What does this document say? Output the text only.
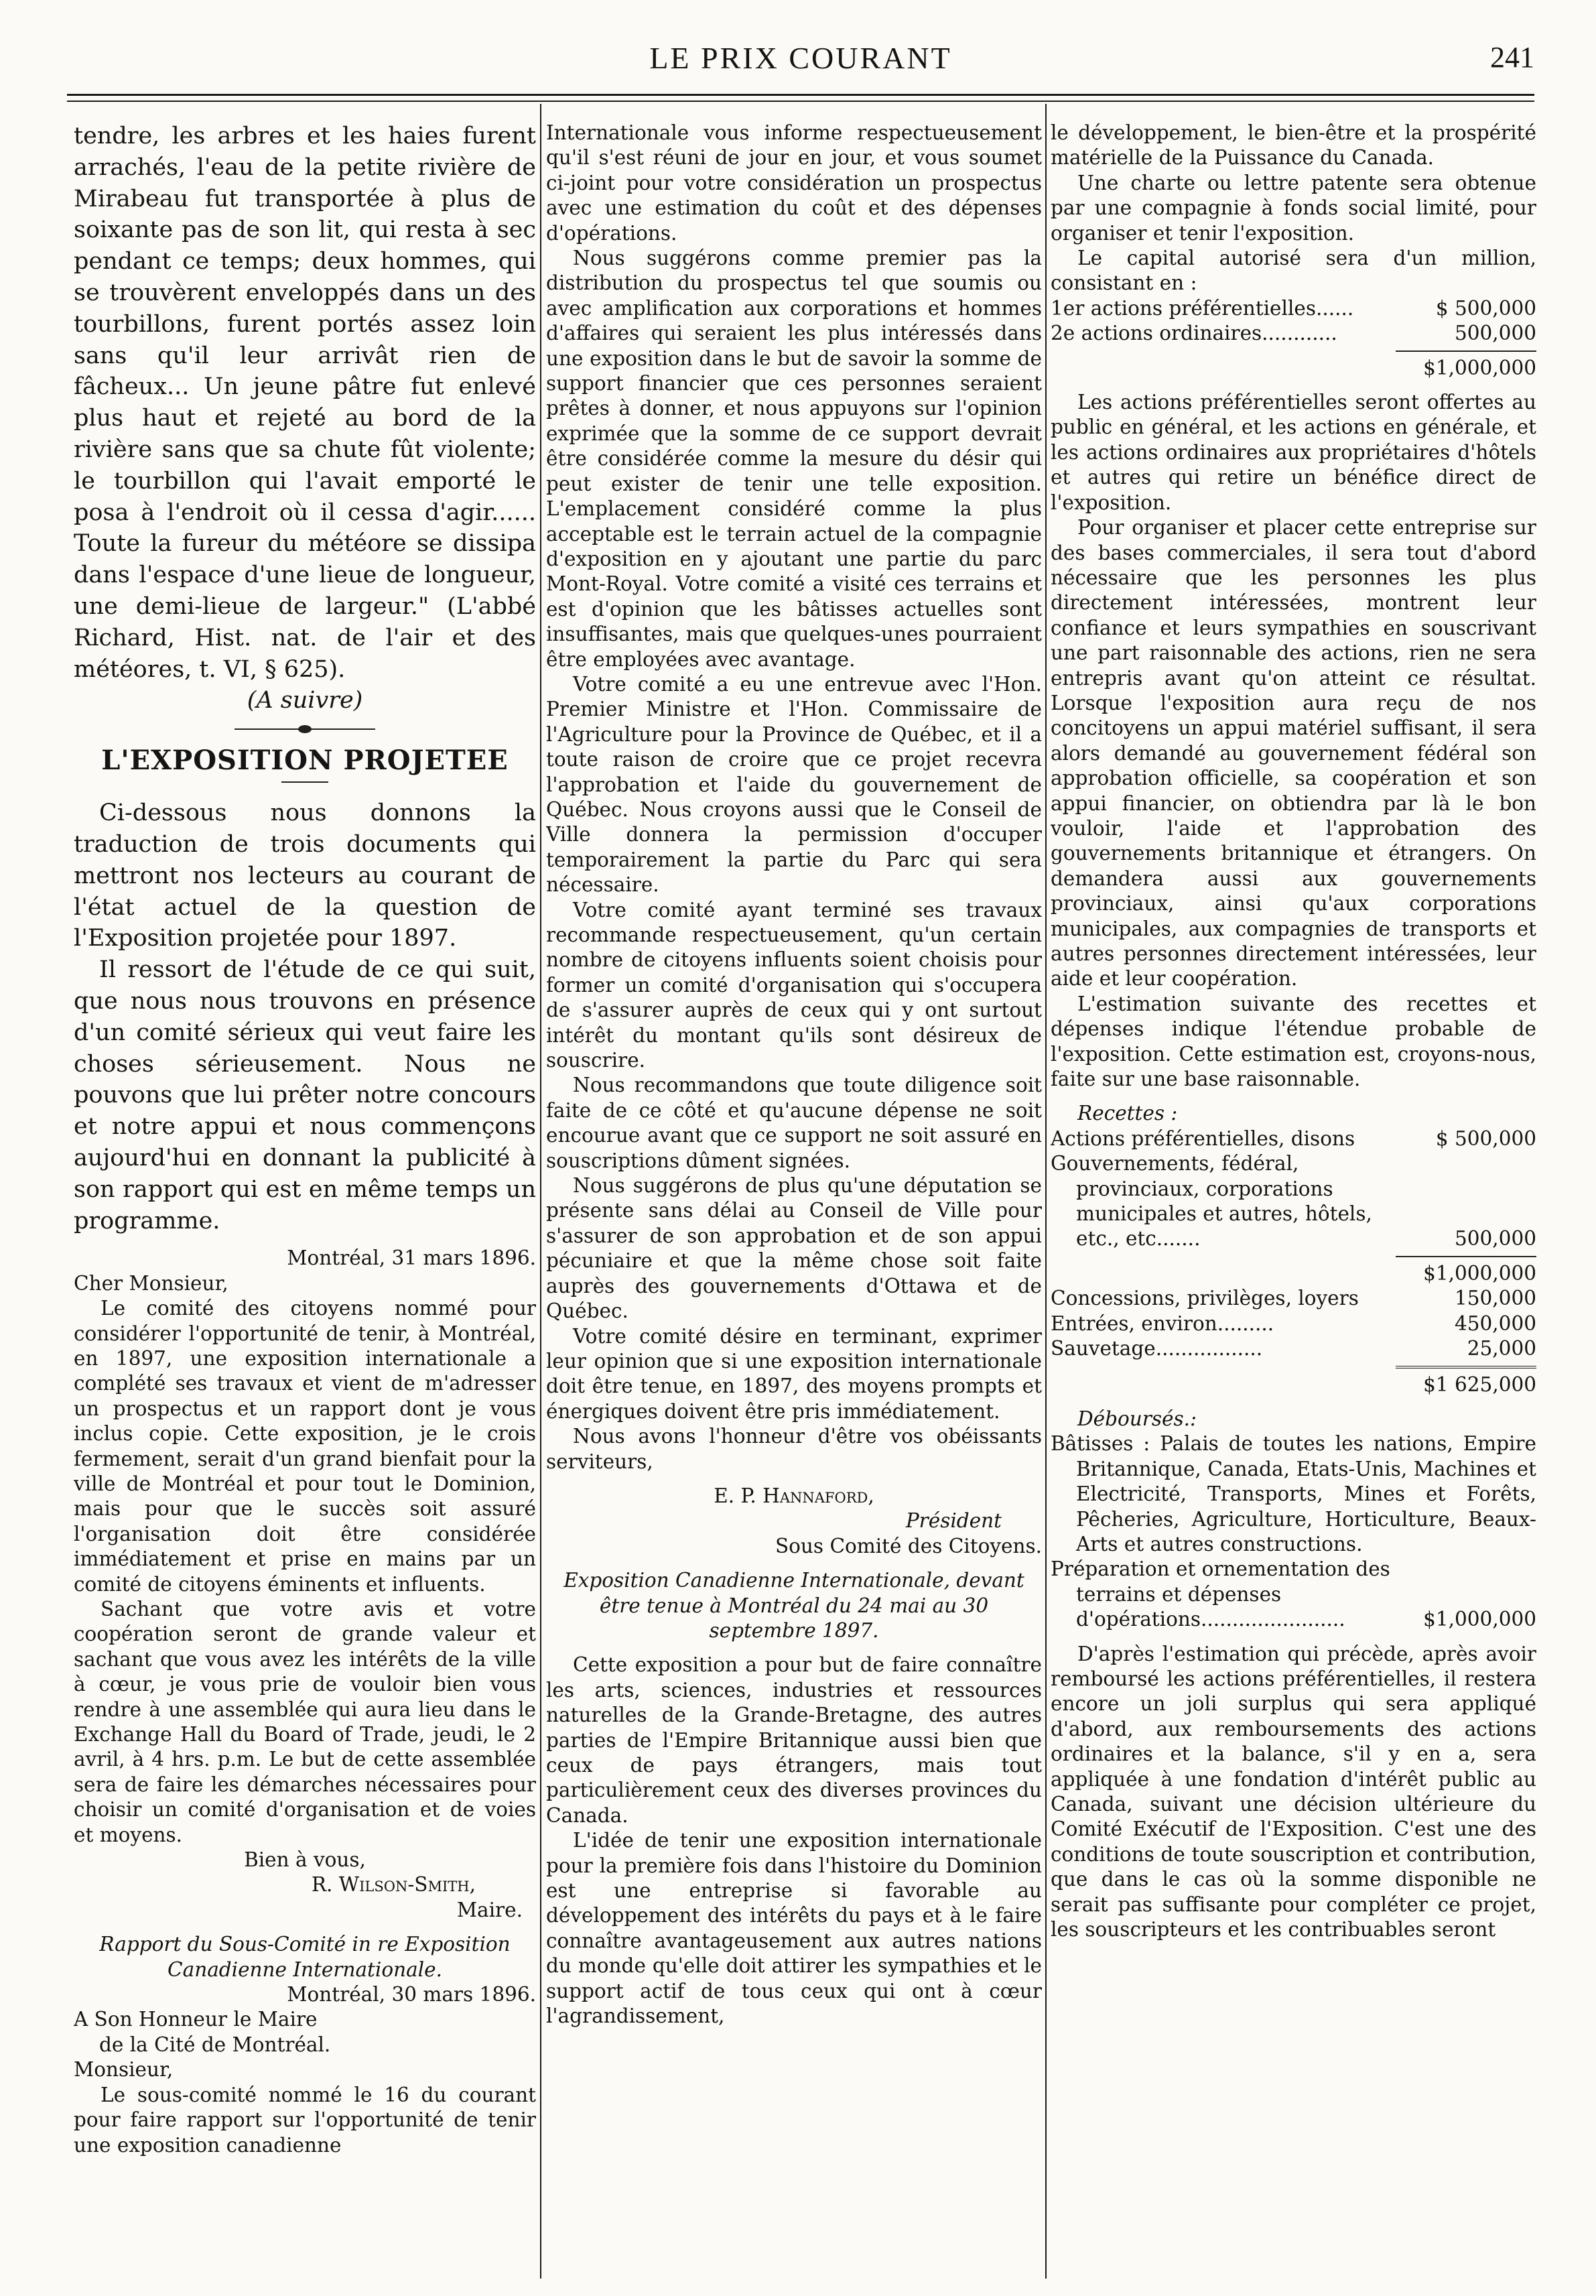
LE PRIX COURANT	241

tendre, les arbres et les haies furent arrachés, l'eau de la petite rivière de Mirabeau fut transportée à plus de soixante pas de son lit, qui resta à sec pendant ce temps; deux hommes, qui se trouvèrent enveloppés dans un des tourbillons, furent portés assez loin sans qu'il leur arrivât rien de fâcheux... Un jeune pâtre fut enlevé plus haut et rejeté au bord de la rivière sans que sa chute fût violente; le tourbillon qui l'avait emporté le posa à l'endroit où il cessa d'agir...... Toute la fureur du météore se dissipa dans l'espace d'une lieue de longueur, une demi-lieue de largeur." (L'abbé Richard, Hist. nat. de l'air et des météores, t. VI, § 625).

(A suivre)

L'EXPOSITION PROJETEE

Ci-dessous nous donnons la traduction de trois documents qui mettront nos lecteurs au courant de l'état actuel de la question de l'Exposition projetée pour 1897.

Il ressort de l'étude de ce qui suit, que nous nous trouvons en présence d'un comité sérieux qui veut faire les choses sérieusement. Nous ne pouvons que lui prêter notre concours et notre appui et nous commençons aujourd'hui en donnant la publicité à son rapport qui est en même temps un programme.

Montréal, 31 mars 1896.

Cher Monsieur,

Le comité des citoyens nommé pour considérer l'opportunité de tenir, à Montréal, en 1897, une exposition internationale a complété ses travaux et vient de m'adresser un prospectus et un rapport dont je vous inclus copie. Cette exposition, je le crois fermement, serait d'un grand bienfait pour la ville de Montréal et pour tout le Dominion, mais pour que le succès soit assuré l'organisation doit être considérée immédiatement et prise en mains par un comité de citoyens éminents et influents.

Sachant que votre avis et votre coopération seront de grande valeur et sachant que vous avez les intérêts de la ville à cœur, je vous prie de vouloir bien vous rendre à une assemblée qui aura lieu dans le Exchange Hall du Board of Trade, jeudi, le 2 avril, à 4 hrs. p.m. Le but de cette assemblée sera de faire les démarches nécessaires pour choisir un comité d'organisation et de voies et moyens.

Bien à vous,

R. Wilson-Smith,

Maire.

Rapport du Sous-Comité in re Exposition Canadienne Internationale.

Montréal, 30 mars 1896.

A Son Honneur le Maire

de la Cité de Montréal.

Monsieur,

Le sous-comité nommé le 16 du courant pour faire rapport sur l'opportunité de tenir une exposition canadienne

Internationale vous informe respectueusement qu'il s'est réuni de jour en jour, et vous soumet ci-joint pour votre considération un prospectus avec une estimation du coût et des dépenses d'opérations.

Nous suggérons comme premier pas la distribution du prospectus tel que soumis ou avec amplification aux corporations et hommes d'affaires qui seraient les plus intéressés dans une exposition dans le but de savoir la somme de support financier que ces personnes seraient prêtes à donner, et nous appuyons sur l'opinion exprimée que la somme de ce support devrait être considérée comme la mesure du désir qui peut exister de tenir une telle exposition. L'emplacement considéré comme la plus acceptable est le terrain actuel de la compagnie d'exposition en y ajoutant une partie du parc Mont-Royal. Votre comité a visité ces terrains et est d'opinion que les bâtisses actuelles sont insuffisantes, mais que quelques-unes pourraient être employées avec avantage.

Votre comité a eu une entrevue avec l'Hon. Premier Ministre et l'Hon. Commissaire de l'Agriculture pour la Province de Québec, et il a toute raison de croire que ce projet recevra l'approbation et l'aide du gouvernement de Québec. Nous croyons aussi que le Conseil de Ville donnera la permission d'occuper temporairement la partie du Parc qui sera nécessaire.

Votre comité ayant terminé ses travaux recommande respectueusement, qu'un certain nombre de citoyens influents soient choisis pour former un comité d'organisation qui s'occupera de s'assurer auprès de ceux qui y ont surtout intérêt du montant qu'ils sont désireux de souscrire.

Nous recommandons que toute diligence soit faite de ce côté et qu'aucune dépense ne soit encourue avant que ce support ne soit assuré en souscriptions dûment signées.

Nous suggérons de plus qu'une députation se présente sans délai au Conseil de Ville pour s'assurer de son approbation et de son appui pécuniaire et que la même chose soit faite auprès des gouvernements d'Ottawa et de Québec.

Votre comité désire en terminant, exprimer leur opinion que si une exposition internationale doit être tenue, en 1897, des moyens prompts et énergiques doivent être pris immédiatement.

Nous avons l'honneur d'être vos obéissants serviteurs,

E. P. Hannaford,

Président

Sous Comité des Citoyens.

Exposition Canadienne Internationale, devant être tenue à Montréal du 24 mai au 30 septembre 1897.

Cette exposition a pour but de faire connaître les arts, sciences, industries et ressources naturelles de la Grande-Bretagne, des autres parties de l'Empire Britannique aussi bien que ceux de pays étrangers, mais tout particulièrement ceux des diverses provinces du Canada.

L'idée de tenir une exposition internationale pour la première fois dans l'histoire du Dominion est une entreprise si favorable au développement des intérêts du pays et à le faire connaître avantageusement aux autres nations du monde qu'elle doit attirer les sympathies et le support actif de tous ceux qui ont à cœur l'agrandissement,

le développement, le bien-être et la prospérité matérielle de la Puissance du Canada.

Une charte ou lettre patente sera obtenue par une compagnie à fonds social limité, pour organiser et tenir l'exposition.

Le capital autorisé sera d'un million, consistant en :

1er actions préférentielles......	$ 500,000
2e actions ordinaires............	500,000
$1,000,000

Les actions préférentielles seront offertes au public en général, et les actions en générale, et les actions ordinaires aux propriétaires d'hôtels et autres qui retire un bénéfice direct de l'exposition.

Pour organiser et placer cette entreprise sur des bases commerciales, il sera tout d'abord nécessaire que les personnes les plus directement intéressées, montrent leur confiance et leurs sympathies en souscrivant une part raisonnable des actions, rien ne sera entrepris avant qu'on atteint ce résultat. Lorsque l'exposition aura reçu de nos concitoyens un appui matériel suffisant, il sera alors demandé au gouvernement fédéral son approbation officielle, sa coopération et son appui financier, on obtiendra par là le bon vouloir, l'aide et l'approbation des gouvernements britannique et étrangers. On demandera aussi aux gouvernements provinciaux, ainsi qu'aux corporations municipales, aux compagnies de transports et autres personnes directement intéressées, leur aide et leur coopération.

L'estimation suivante des recettes et dépenses indique l'étendue probable de l'exposition. Cette estimation est, croyons-nous, faite sur une base raisonnable.

Recettes :

Actions préférentielles, disons	$ 500,000
Gouvernements, fédéral, provinciaux, corporations municipales et autres, hôtels, etc., etc.......	500,000
$1,000,000
Concessions, privilèges, loyers	150,000
Entrées, environ.........	450,000
Sauvetage.................	25,000
$1 625,000

Déboursés.:

Bâtisses : Palais de toutes les nations, Empire Britannique, Canada, Etats-Unis, Machines et Electricité, Transports, Mines et Forêts, Pêcheries, Agriculture, Horticulture, Beaux-Arts et autres constructions.

Préparation et ornementation des terrains et dépenses d'opérations.......................	$1,000,000

D'après l'estimation qui précède, après avoir remboursé les actions préférentielles, il restera encore un joli surplus qui sera appliqué d'abord, aux remboursements des actions ordinaires et la balance, s'il y en a, sera appliquée à une fondation d'intérêt public au Canada, suivant une décision ultérieure du Comité Exécutif de l'Exposition. C'est une des conditions de toute souscription et contribution, que dans le cas où la somme disponible ne serait pas suffisante pour compléter ce projet, les souscripteurs et les contribuables seront
